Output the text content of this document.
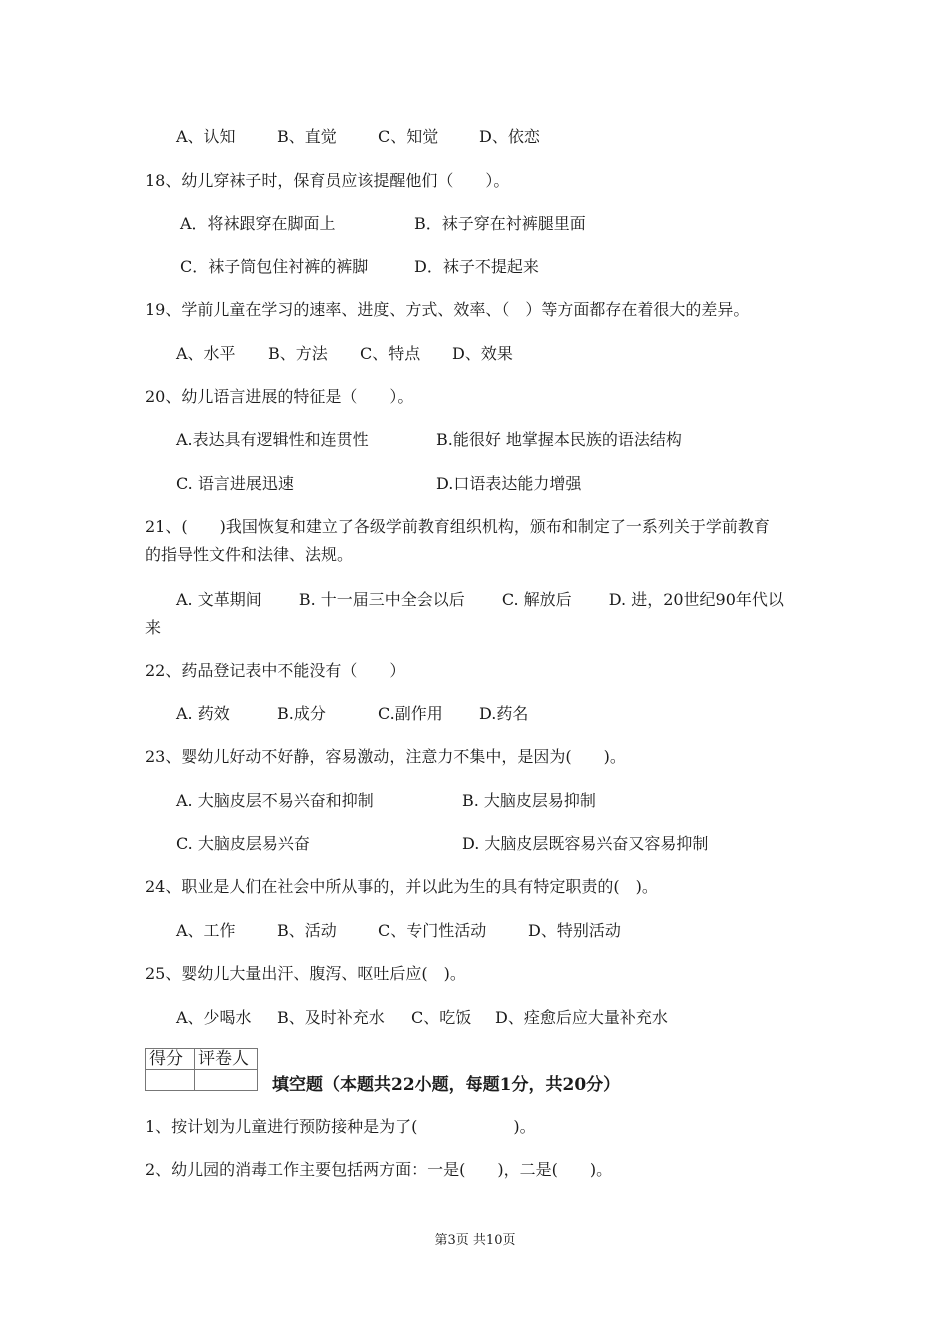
A、认知	B、直觉	C、知觉	D、依恋
18、幼儿穿袜子时，保育员应该提醒他们（　　）。
A．将袜跟穿在脚面上	B．袜子穿在衬裤腿里面
C．袜子筒包住衬裤的裤脚	D．袜子不提起来
19、学前儿童在学习的速率、进度、方式、效率、（　）等方面都存在着很大的差异。
A、水平 B、方法 C、特点 D、效果
20、幼儿语言进展的特征是（　　）。
A.表达具有逻辑性和连贯性	B.能很好 地掌握本民族的语法结构
C. 语言进展迅速	D.口语表达能力增强
21、(　　)我国恢复和建立了各级学前教育组织机构，颁布和制定了一系列关于学前教育
的指导性文件和法律、法规。
A. 文革期间　　 B. 十一届三中全会以后　　 C. 解放后　　 D. 进，20世纪90年代以
来
22、药品登记表中不能没有（　　）
A. 药效	B.成分	C.副作用 D.药名
23、婴幼儿好动不好静，容易激动，注意力不集中，是因为(　　)。
A. 大脑皮层不易兴奋和抑制	B. 大脑皮层易抑制
C. 大脑皮层易兴奋	D. 大脑皮层既容易兴奋又容易抑制
24、职业是人们在社会中所从事的，并以此为生的具有特定职责的(　)。
A、工作	B、活动	C、专门性活动	D、特别活动
25、婴幼儿大量出汗、腹泻、呕吐后应(　)。
A、少喝水 B、及时补充水 C、吃饭 D、痊愈后应大量补充水
得分	评卷人

填空题（本题共22小题，每题1分，共20分）
1、按计划为儿童进行预防接种是为了(　　　　　　)。
2、幼儿园的消毒工作主要包括两方面：一是(　　)，二是(　　)。
第3页 共10页
